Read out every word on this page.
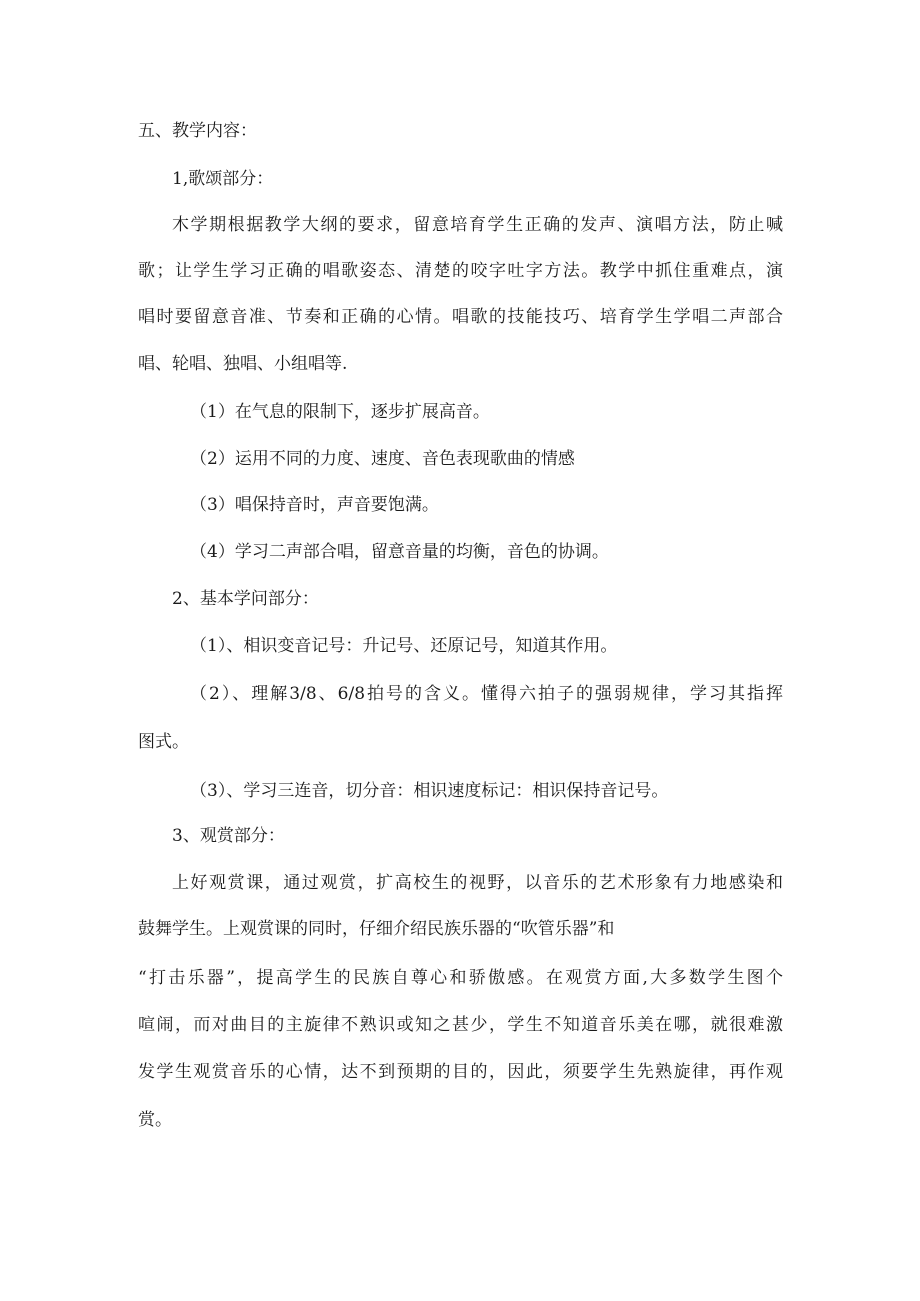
五、教学内容：
1,歌颂部分：
木学期根据教学大纲的要求，留意培育学生正确的发声、演唱方法，防止喊
歌；让学生学习正确的唱歌姿态、清楚的咬字吐字方法。教学中抓住重难点，演
唱时要留意音准、节奏和正确的心情。唱歌的技能技巧、培育学生学唱二声部合
唱、轮唱、独唱、小组唱等.
（1）在气息的限制下，逐步扩展高音。
（2）运用不同的力度、速度、音色表现歌曲的情感
（3）唱保持音时，声音要饱满。
（4）学习二声部合唱，留意音量的均衡，音色的协调。
2、基本学问部分：
（1）、相识变音记号：升记号、还原记号，知道其作用。
（2）、理解3/8、6/8拍号的含义。懂得六拍子的强弱规律，学习其指挥
图式。
（3）、学习三连音，切分音：相识速度标记：相识保持音记号。
3、观赏部分：
上好观赏课，通过观赏，扩高校生的视野，以音乐的艺术形象有力地感染和
鼓舞学生。上观赏课的同时，仔细介绍民族乐器的“吹管乐器”和
“打击乐器”，提高学生的民族自尊心和骄傲感。在观赏方面,大多数学生图个
喧闹，而对曲目的主旋律不熟识或知之甚少，学生不知道音乐美在哪，就很难激
发学生观赏音乐的心情，达不到预期的目的，因此，须要学生先熟旋律，再作观
赏。
